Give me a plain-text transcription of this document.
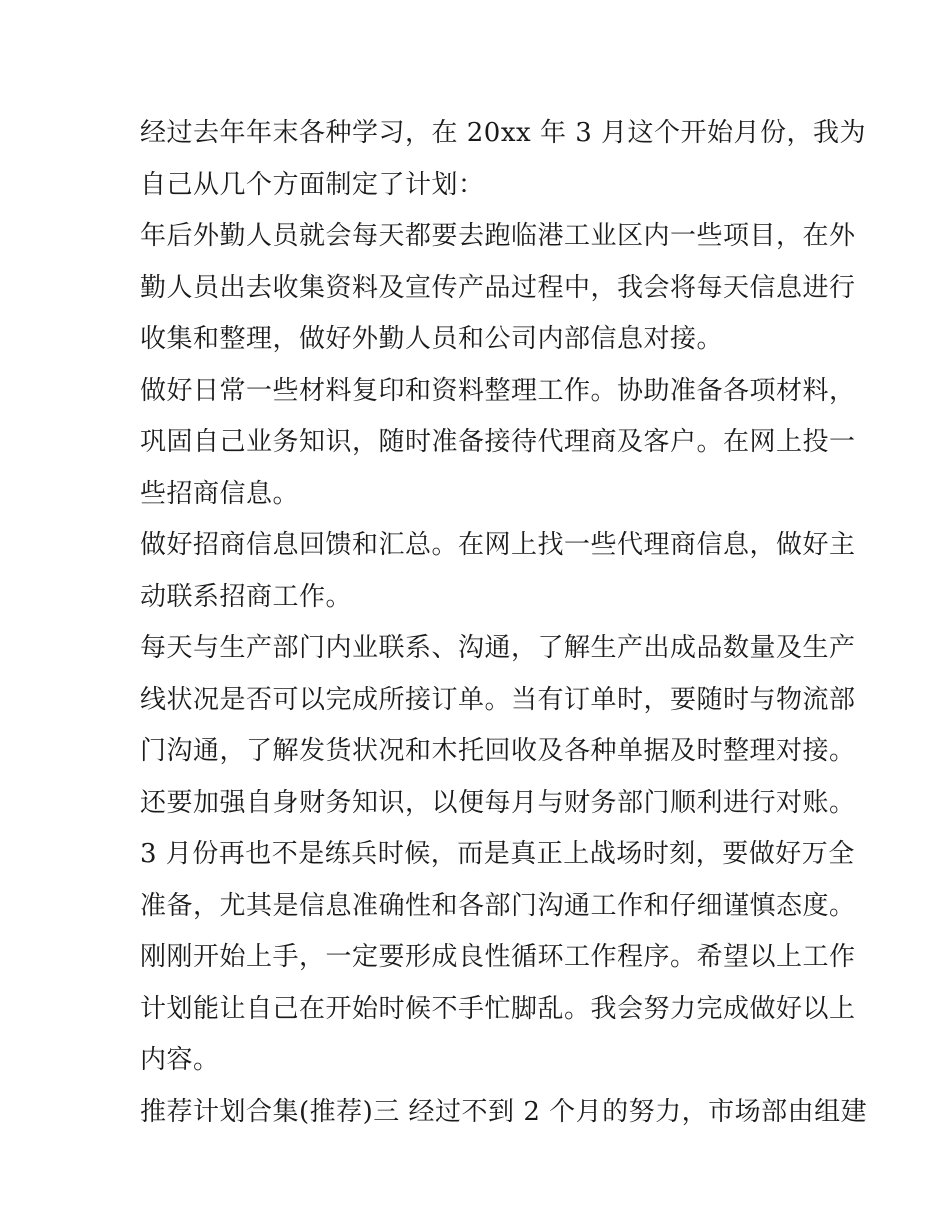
经过去年年末各种学习，在 20xx 年 3 月这个开始月份，我为
自己从几个方面制定了计划：
年后外勤人员就会每天都要去跑临港工业区内一些项目，在外
勤人员出去收集资料及宣传产品过程中，我会将每天信息进行
收集和整理，做好外勤人员和公司内部信息对接。
做好日常一些材料复印和资料整理工作。协助准备各项材料，
巩固自己业务知识，随时准备接待代理商及客户。在网上投一
些招商信息。
做好招商信息回馈和汇总。在网上找一些代理商信息，做好主
动联系招商工作。
每天与生产部门内业联系、沟通，了解生产出成品数量及生产
线状况是否可以完成所接订单。当有订单时，要随时与物流部
门沟通，了解发货状况和木托回收及各种单据及时整理对接。
还要加强自身财务知识，以便每月与财务部门顺利进行对账。
3 月份再也不是练兵时候，而是真正上战场时刻，要做好万全
准备，尤其是信息准确性和各部门沟通工作和仔细谨慎态度。
刚刚开始上手，一定要形成良性循环工作程序。希望以上工作
计划能让自己在开始时候不手忙脚乱。我会努力完成做好以上
内容。
推荐计划合集(推荐)三 经过不到 2 个月的努力，市场部由组建
